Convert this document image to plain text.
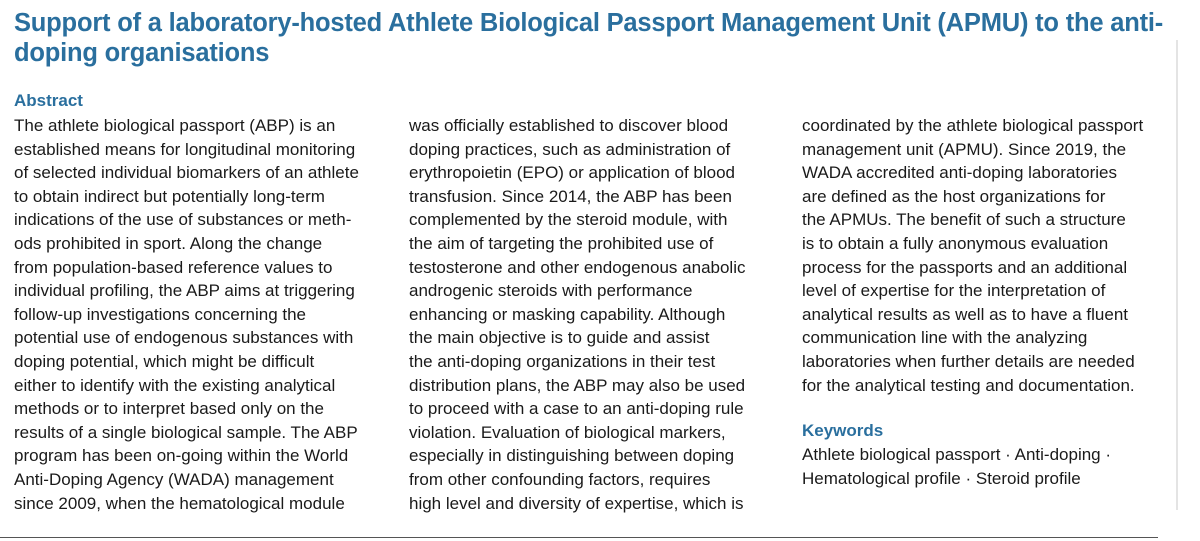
Support of a laboratory-hosted Athlete Biological Passport Management Unit (APMU) to the anti-
doping organisations
Abstract
The athlete biological passport (ABP) is an
established means for longitudinal monitoring
of selected individual biomarkers of an athlete
to obtain indirect but potentially long-term
indications of the use of substances or meth-
ods prohibited in sport. Along the change
from population-based reference values to
individual profiling, the ABP aims at triggering
follow-up investigations concerning the
potential use of endogenous substances with
doping potential, which might be difficult
either to identify with the existing analytical
methods or to interpret based only on the
results of a single biological sample. The ABP
program has been on-going within the World
Anti-Doping Agency (WADA) management
since 2009, when the hematological module
was officially established to discover blood
doping practices, such as administration of
erythropoietin (EPO) or application of blood
transfusion. Since 2014, the ABP has been
complemented by the steroid module, with
the aim of targeting the prohibited use of
testosterone and other endogenous anabolic
androgenic steroids with performance
enhancing or masking capability. Although
the main objective is to guide and assist
the anti-doping organizations in their test
distribution plans, the ABP may also be used
to proceed with a case to an anti-doping rule
violation. Evaluation of biological markers,
especially in distinguishing between doping
from other confounding factors, requires
high level and diversity of expertise, which is
coordinated by the athlete biological passport
management unit (APMU). Since 2019, the
WADA accredited anti-doping laboratories
are defined as the host organizations for
the APMUs. The benefit of such a structure
is to obtain a fully anonymous evaluation
process for the passports and an additional
level of expertise for the interpretation of
analytical results as well as to have a fluent
communication line with the analyzing
laboratories when further details are needed
for the analytical testing and documentation.
Keywords
Athlete biological passport · Anti-doping ·
Hematological profile · Steroid profile
